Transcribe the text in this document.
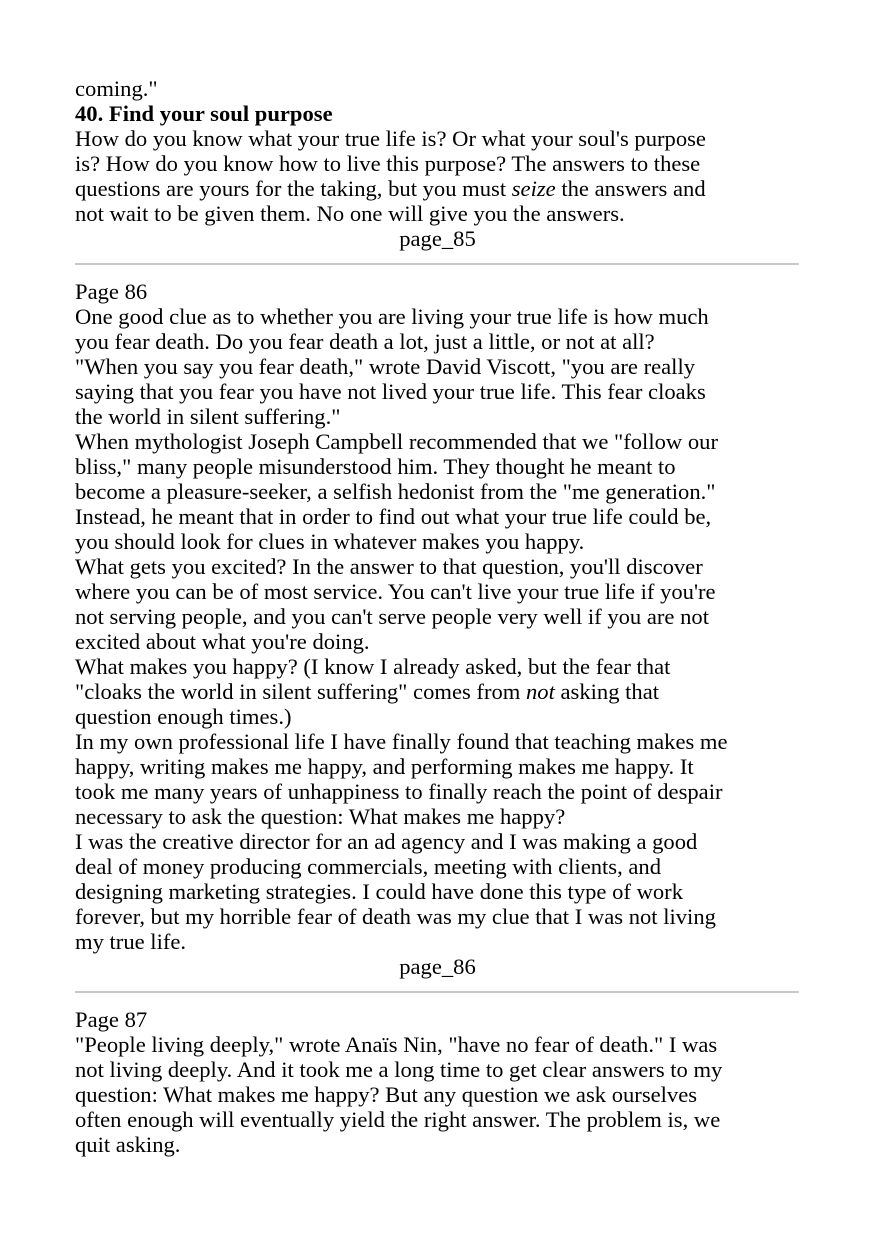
coming."
40. Find your soul purpose
How do you know what your true life is? Or what your soul's purpose
is? How do you know how to live this purpose? The answers to these
questions are yours for the taking, but you must seize the answers and
not wait to be given them. No one will give you the answers.
page_85
Page 86
One good clue as to whether you are living your true life is how much
you fear death. Do you fear death a lot, just a little, or not at all?
"When you say you fear death," wrote David Viscott, "you are really
saying that you fear you have not lived your true life. This fear cloaks
the world in silent suffering."
When mythologist Joseph Campbell recommended that we "follow our
bliss," many people misunderstood him. They thought he meant to
become a pleasure-seeker, a selfish hedonist from the "me generation."
Instead, he meant that in order to find out what your true life could be,
you should look for clues in whatever makes you happy.
What gets you excited? In the answer to that question, you'll discover
where you can be of most service. You can't live your true life if you're
not serving people, and you can't serve people very well if you are not
excited about what you're doing.
What makes you happy? (I know I already asked, but the fear that
"cloaks the world in silent suffering" comes from not asking that
question enough times.)
In my own professional life I have finally found that teaching makes me
happy, writing makes me happy, and performing makes me happy. It
took me many years of unhappiness to finally reach the point of despair
necessary to ask the question: What makes me happy?
I was the creative director for an ad agency and I was making a good
deal of money producing commercials, meeting with clients, and
designing marketing strategies. I could have done this type of work
forever, but my horrible fear of death was my clue that I was not living
my true life.
page_86
Page 87
"People living deeply," wrote Anaïs Nin, "have no fear of death." I was
not living deeply. And it took me a long time to get clear answers to my
question: What makes me happy? But any question we ask ourselves
often enough will eventually yield the right answer. The problem is, we
quit asking.
